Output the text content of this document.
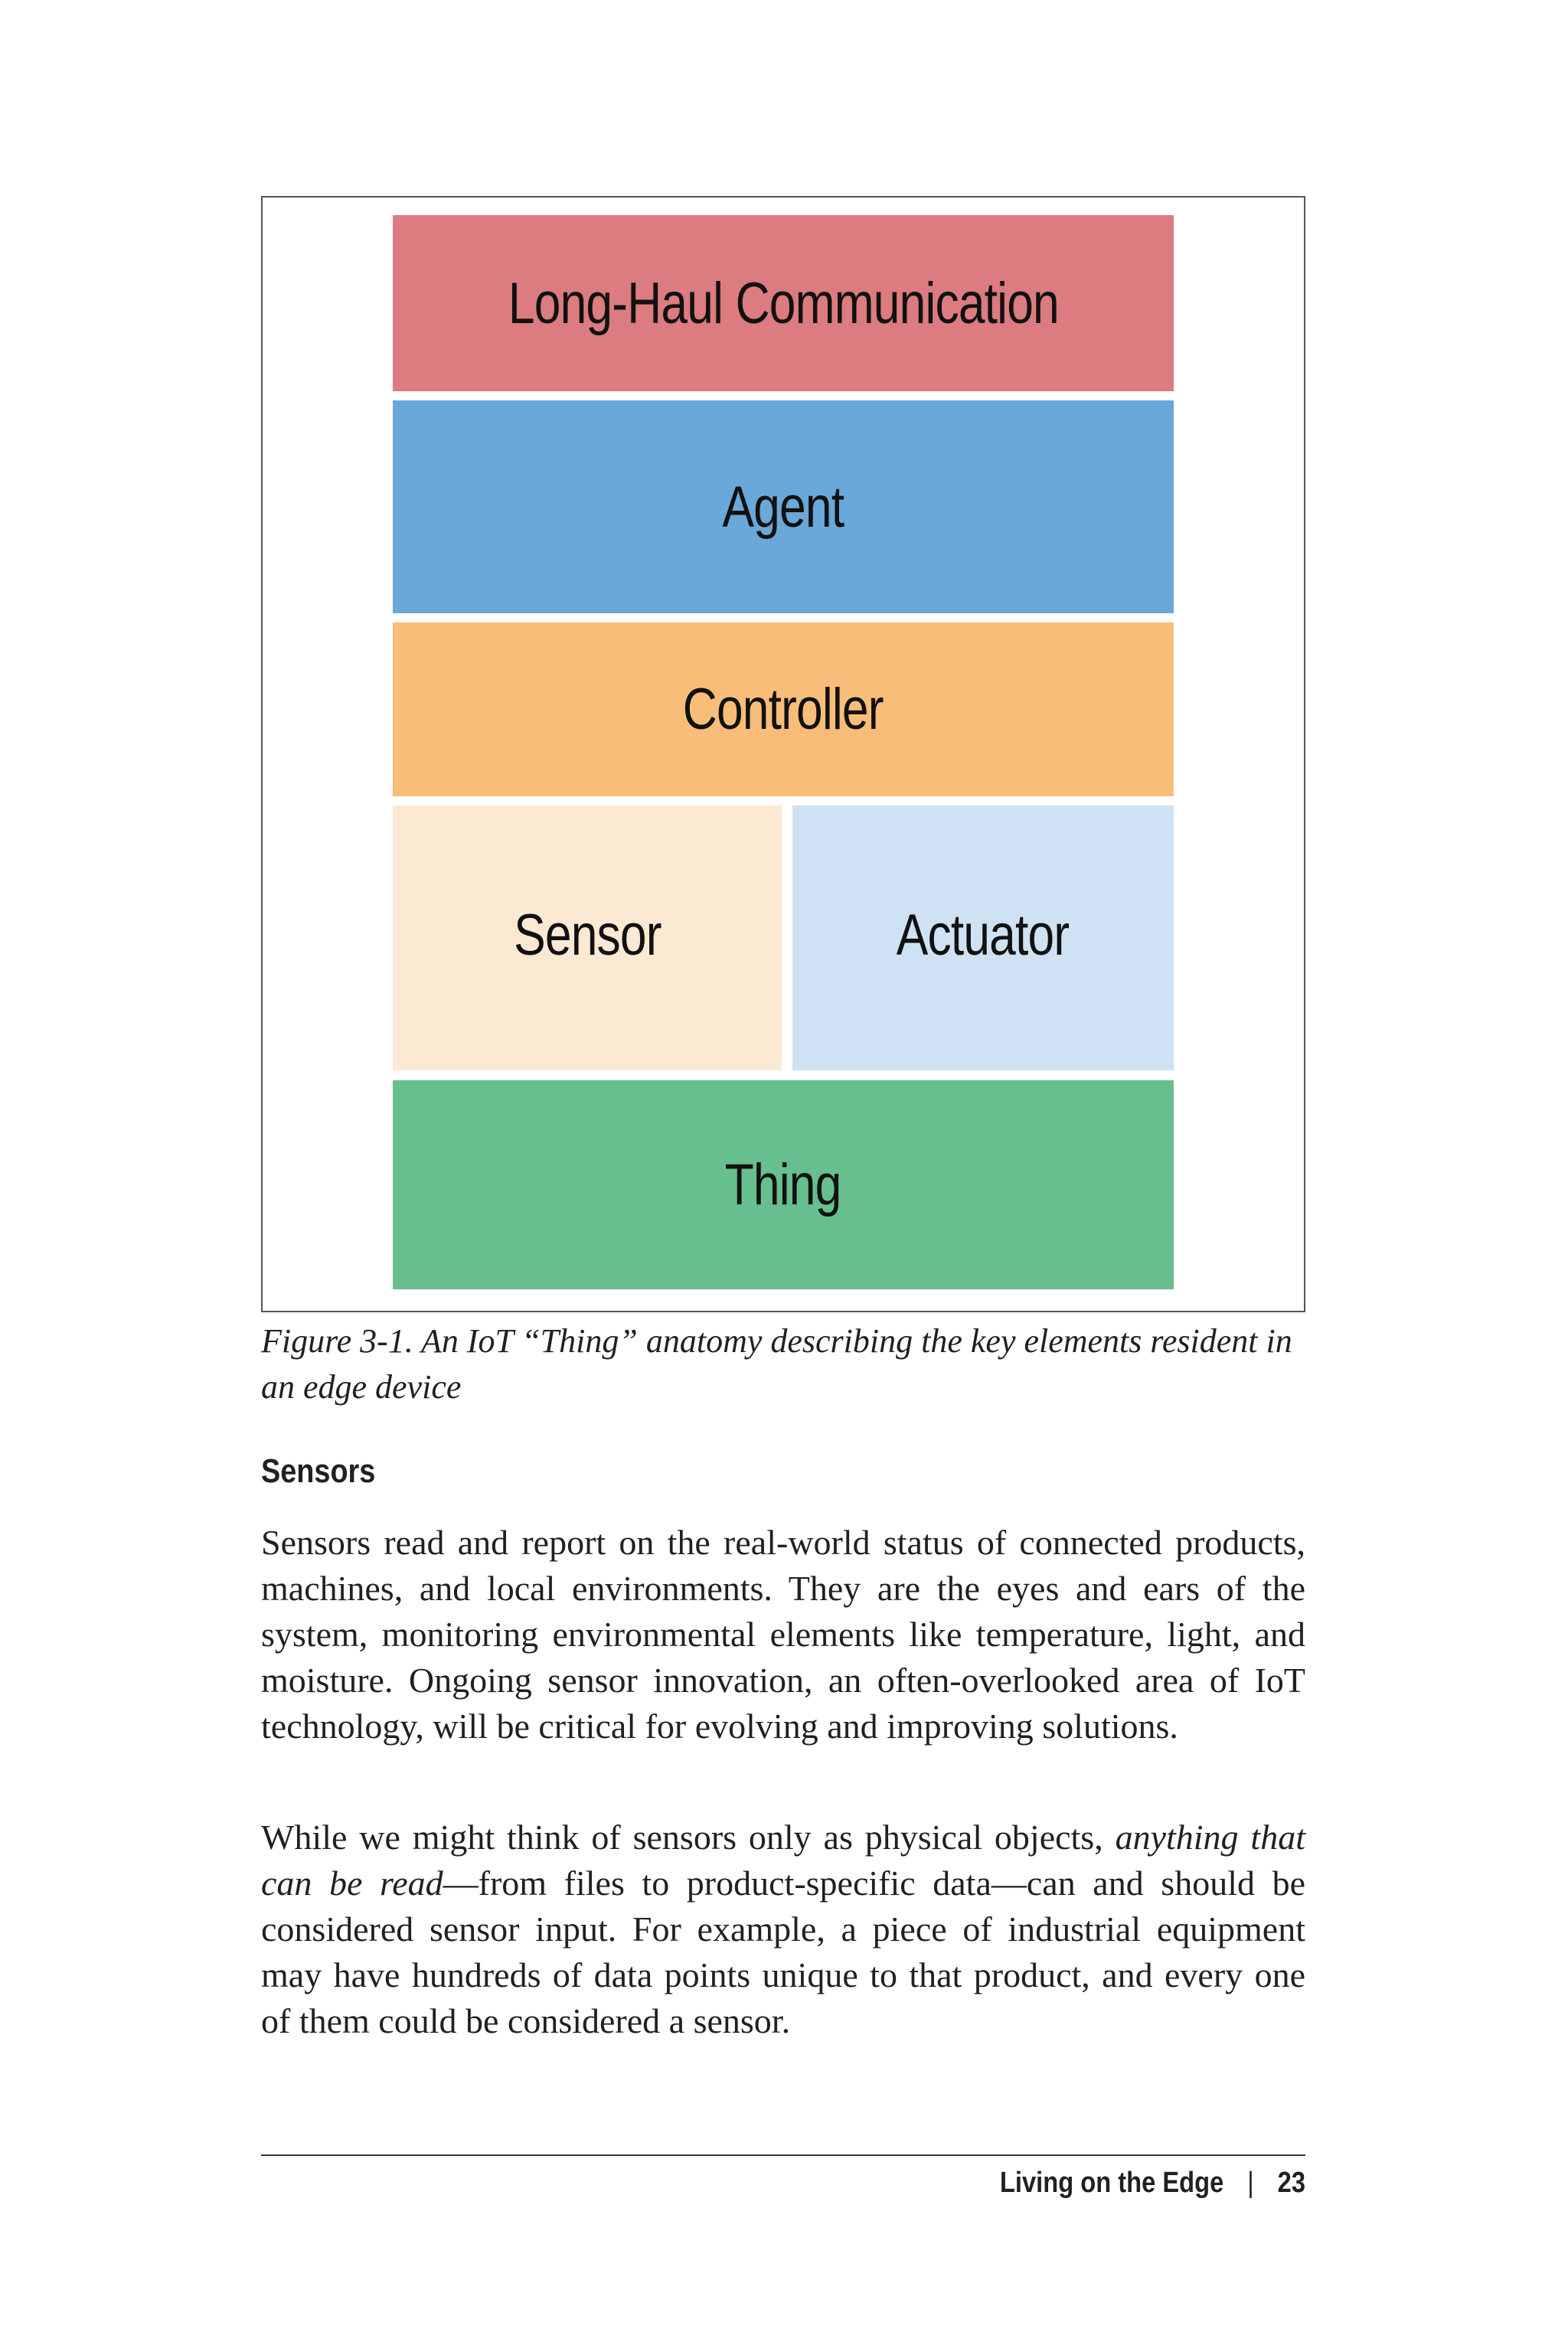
Long-Haul Communication
Agent
Controller
Sensor	Actuator
Thing
Figure 3-1. An IoT “Thing” anatomy describing the key elements resident in an edge device
Sensors

Sensors read and report on the real-world status of connected products, machines, and local environments. They are the eyes and ears of the system, monitoring environmental elements like temperature, light, and moisture. Ongoing sensor innovation, an often-overlooked area of IoT technology, will be critical for evolving and improving solutions.

While we might think of sensors only as physical objects, anything that can be read—from files to product-specific data—can and should be considered sensor input. For example, a piece of industrial equipment may have hundreds of data points unique to that product, and every one of them could be considered a sensor.

Living on the Edge | 23
